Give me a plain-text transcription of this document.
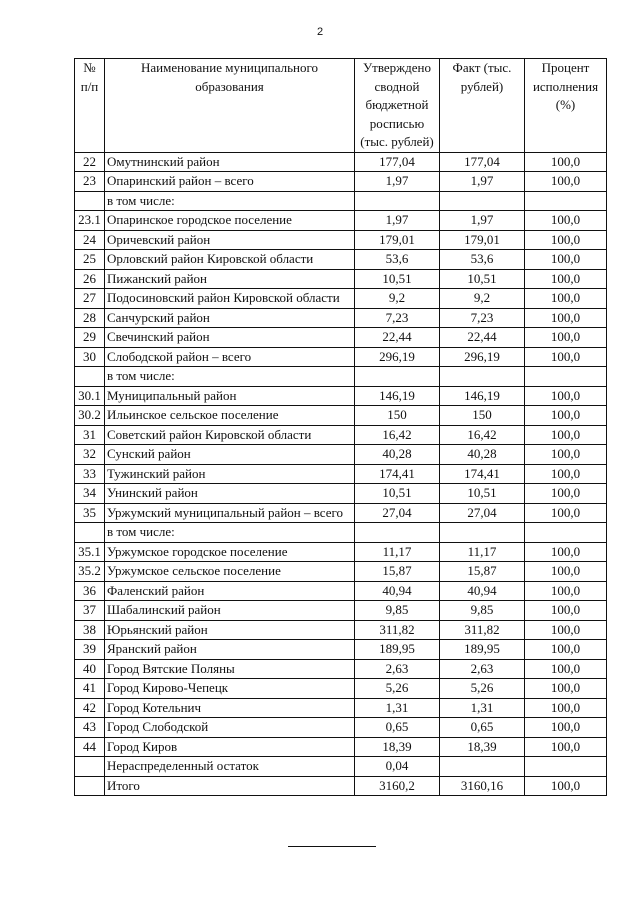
2
№ п/п	Наименование муниципального образования	Утверждено сводной бюджетной росписью (тыс. рублей)	Факт (тыс. рублей)	Процент исполнения (%)
22	Омутнинский район	177,04	177,04	100,0
23	Опаринский район – всего	1,97	1,97	100,0
	в том числе:			
23.1	Опаринское городское поселение	1,97	1,97	100,0
24	Оричевский район	179,01	179,01	100,0
25	Орловский район Кировской области	53,6	53,6	100,0
26	Пижанский район	10,51	10,51	100,0
27	Подосиновский район Кировской области	9,2	9,2	100,0
28	Санчурский район	7,23	7,23	100,0
29	Свечинский район	22,44	22,44	100,0
30	Слободской район – всего	296,19	296,19	100,0
	в том числе:			
30.1	Муниципальный район	146,19	146,19	100,0
30.2	Ильинское сельское поселение	150	150	100,0
31	Советский район Кировской области	16,42	16,42	100,0
32	Сунский район	40,28	40,28	100,0
33	Тужинский район	174,41	174,41	100,0
34	Унинский район	10,51	10,51	100,0
35	Уржумский муниципальный район – всего	27,04	27,04	100,0
	в том числе:			
35.1	Уржумское городское поселение	11,17	11,17	100,0
35.2	Уржумское сельское поселение	15,87	15,87	100,0
36	Фаленский район	40,94	40,94	100,0
37	Шабалинский район	9,85	9,85	100,0
38	Юрьянский район	311,82	311,82	100,0
39	Яранский район	189,95	189,95	100,0
40	Город Вятские Поляны	2,63	2,63	100,0
41	Город Кирово-Чепецк	5,26	5,26	100,0
42	Город Котельнич	1,31	1,31	100,0
43	Город Слободской	0,65	0,65	100,0
44	Город Киров	18,39	18,39	100,0
	Нераспределенный остаток	0,04		
	Итого	3160,2	3160,16	100,0
